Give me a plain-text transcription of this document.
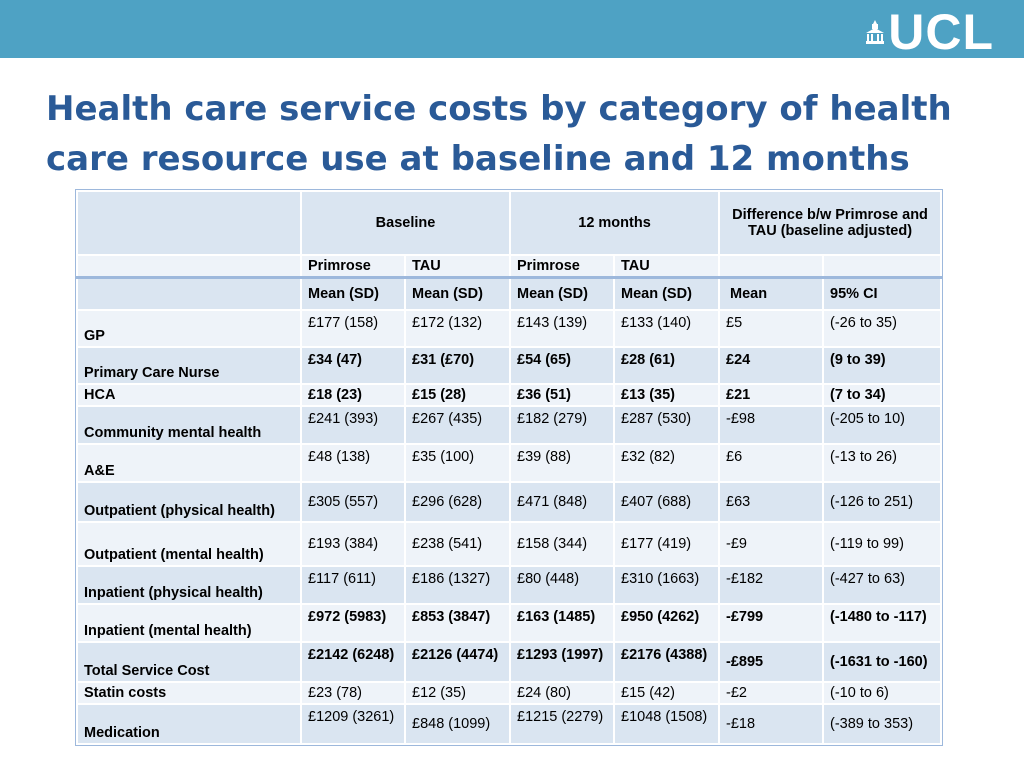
UCL
Health care service costs by category of health care resource use at baseline and 12 months
	Baseline		12 months		Difference b/w Primrose and TAU (baseline adjusted)	
	Primrose	TAU	Primrose	TAU		
	Mean (SD)	Mean (SD)	Mean (SD)	Mean (SD)	Mean	95% CI
GP	£177 (158)	£172 (132)	£143 (139)	£133 (140)	£5	(-26 to 35)
Primary Care Nurse	£34 (47)	£31 (£70)	£54 (65)	£28 (61)	£24	(9 to 39)
HCA	£18 (23)	£15 (28)	£36 (51)	£13 (35)	£21	(7 to 34)
Community mental health	£241 (393)	£267 (435)	£182 (279)	£287 (530)	-£98	(-205 to 10)
A&E	£48 (138)	£35 (100)	£39 (88)	£32 (82)	£6	(-13 to 26)
Outpatient (physical health)	£305 (557)	£296 (628)	£471 (848)	£407 (688)	£63	(-126 to 251)
Outpatient (mental health)	£193 (384)	£238 (541)	£158 (344)	£177 (419)	-£9	(-119 to 99)
Inpatient (physical health)	£117 (611)	£186 (1327)	£80 (448)	£310 (1663)	-£182	(-427 to 63)
Inpatient (mental health)	£972 (5983)	£853 (3847)	£163 (1485)	£950 (4262)	-£799	(-1480 to -117)
Total Service Cost	£2142 (6248)	£2126 (4474)	£1293 (1997)	£2176 (4388)	-£895	(-1631 to -160)
Statin costs	£23 (78)	£12 (35)	£24 (80)	£15 (42)	-£2	(-10 to 6)
Medication	£1209 (3261)	£848 (1099)	£1215 (2279)	£1048 (1508)	-£18	(-389 to 353)
